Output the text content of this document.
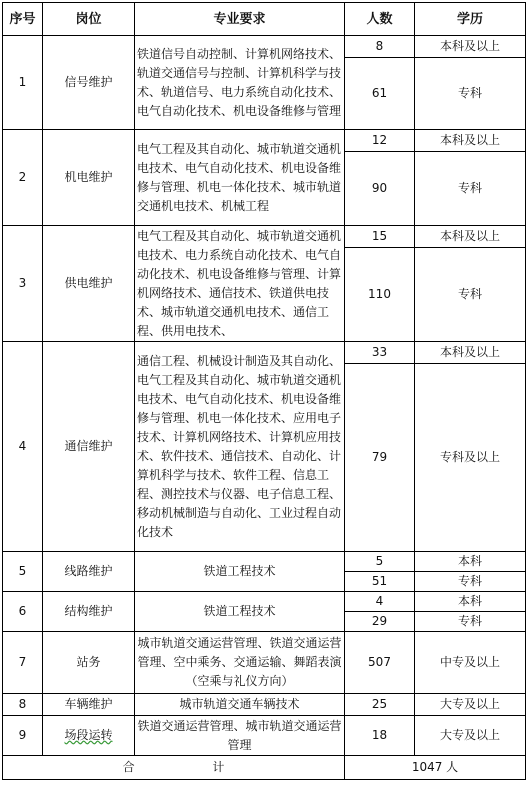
序号	岗位	专业要求	人数	学历
1	信号维护	铁道信号自动控制、计算机网络技术、轨道交通信号与控制、计算机科学与技术、轨道信号、电力系统自动化技术、电气自动化技术、机电设备维修与管理	8	本科及以上
			61	专科
2	机电维护	电气工程及其自动化、城市轨道交通机电技术、电气自动化技术、机电设备维修与管理、机电一体化技术、城市轨道交通机电技术、机械工程	12	本科及以上
			90	专科
3	供电维护	电气工程及其自动化、城市轨道交通机电技术、电力系统自动化技术、电气自动化技术、机电设备维修与管理、计算机网络技术、通信技术、铁道供电技术、城市轨道交通机电技术、通信工程、供用电技术、	15	本科及以上
			110	专科
4	通信维护	通信工程、机械设计制造及其自动化、电气工程及其自动化、城市轨道交通机电技术、电气自动化技术、机电设备维修与管理、机电一体化技术、应用电子技术、计算机网络技术、计算机应用技术、软件技术、通信技术、自动化、计算机科学与技术、软件工程、信息工程、测控技术与仪器、电子信息工程、移动机械制造与自动化、工业过程自动化技术	33	本科及以上
			79	专科及以上
5	线路维护	铁道工程技术	5	本科
			51	专科
6	结构维护	铁道工程技术	4	本科
			29	专科
7	站务	城市轨道交通运营管理、铁道交通运营管理、空中乘务、交通运输、舞蹈表演（空乘与礼仪方向）	507	中专及以上
8	车辆维护	城市轨道交通车辆技术	25	大专及以上
9	场段运转	铁道交通运营管理、城市轨道交通运营管理	18	大专及以上
合 计			1047 人	
